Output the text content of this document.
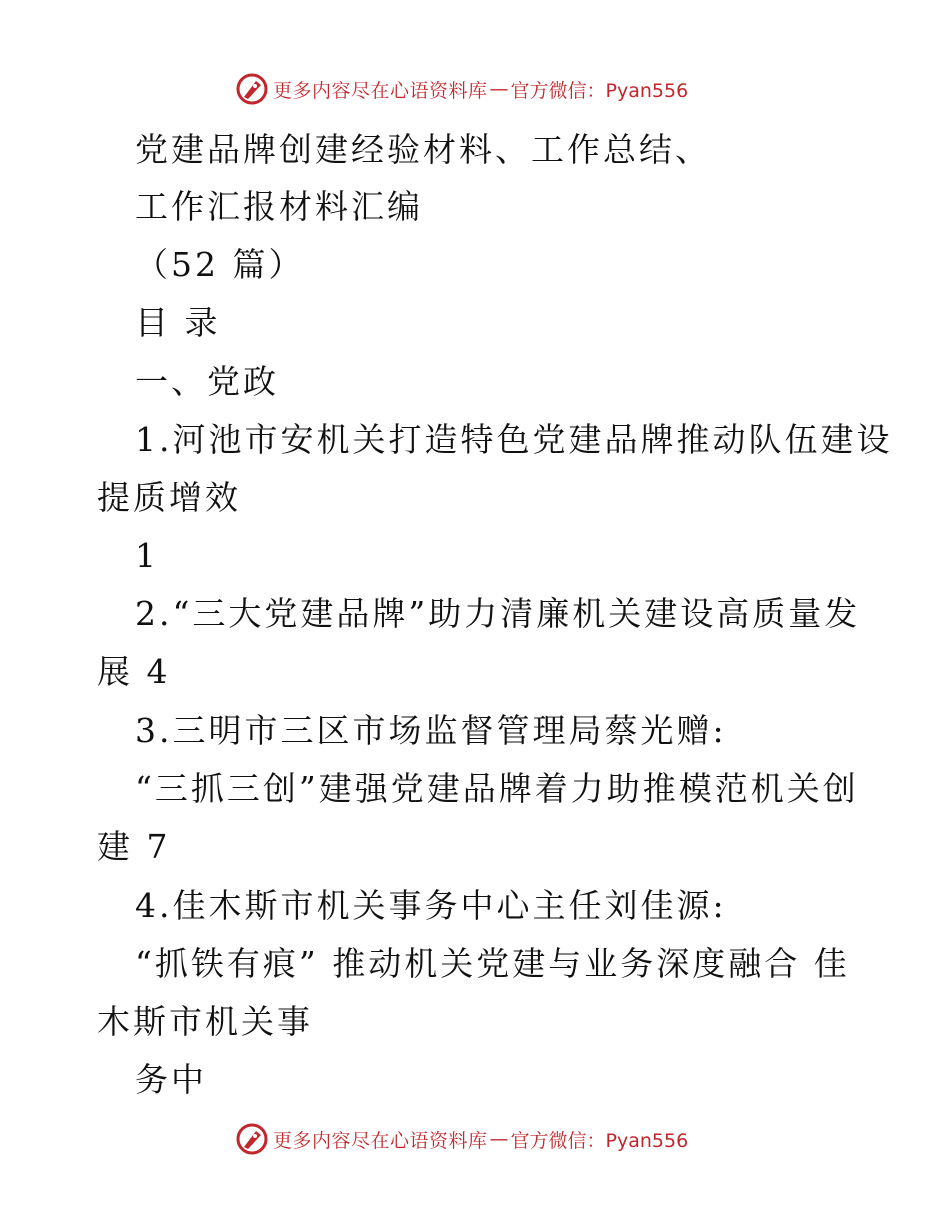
更多内容尽在心语资料库 — 官方微信：Pyan556
党建品牌创建经验材料、工作总结、
工作汇报材料汇编
（52 篇）
目 录
一、党政
1.河池市安机关打造特色党建品牌推动队伍建设
提质增效
1
2.“三大党建品牌”助力清廉机关建设高质量发
展 4
3.三明市三区市场监督管理局蔡光赠:
“三抓三创”建强党建品牌着力助推模范机关创
建 7
4.佳木斯市机关事务中心主任刘佳源:
“抓铁有痕” 推动机关党建与业务深度融合 佳
木斯市机关事
务中
更多内容尽在心语资料库 — 官方微信：Pyan556
